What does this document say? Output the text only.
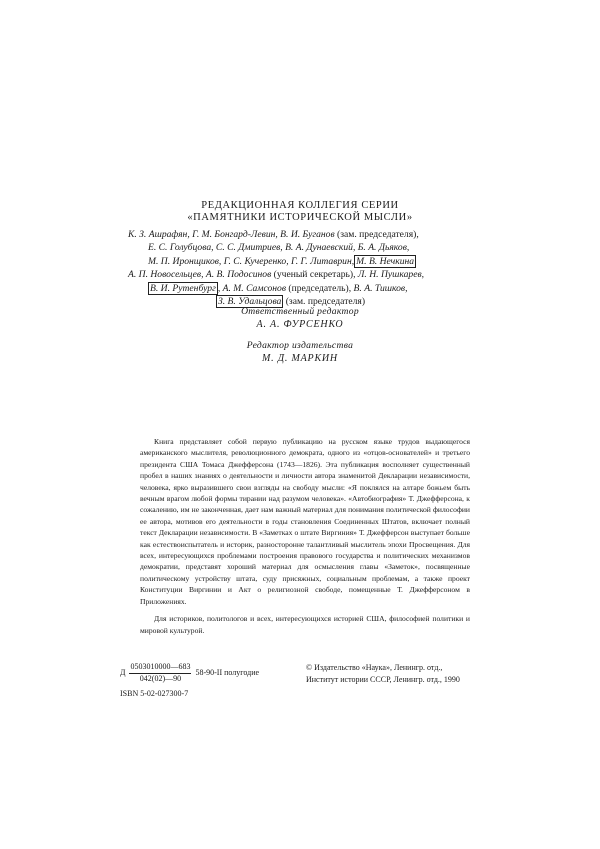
РЕДАКЦИОННАЯ КОЛЛЕГИЯ СЕРИИ
«ПАМЯТНИКИ ИСТОРИЧЕСКОЙ МЫСЛИ»
К. З. Ашрафян, Г. М. Бонгард-Левин, В. И. Буганов (зам. председателя),
Е. С. Голубцова, С. С. Дмитриев, В. А. Дунаевский, Б. А. Дьяков,
М. П. Иронщиков, Г. С. Кучеренко, Г. Г. Литаврин, М. В. Нечкина
А. П. Новосельцев, А. В. Подосинов (ученый секретарь), Л. Н. Пушкарев,
В. И. Рутенбург , А. М. Самсонов (председатель), В. А. Тишков,
З. В. Удальцова (зам. председателя)
Ответственный редактор
А. А. ФУРСЕНКО
Редактор издательства
М. Д. МАРКИН

Книга представляет собой первую публикацию на русском языке трудов выдающегося американского мыслителя, революционного демократа, одного из «отцов-основателей» и третьего президента США Томаса Джефферсона (1743—1826). Эта публикация восполняет существенный пробел в наших знаниях о деятельности и личности автора знаменитой Декларации независимости, человека, ярко выразившего свои взгляды на свободу мысли: «Я поклялся на алтаре божьем быть вечным врагом любой формы тирании над разумом человека». «Автобиография» Т. Джефферсона, к сожалению, им не законченная, дает нам важный материал для понимания политической философии ее автора, мотивов его деятельности в годы становления Соединенных Штатов, включает полный текст Декларации независимости. В «Заметках о штате Виргиния» Т. Джефферсон выступает больше как естествоиспытатель и историк, разносторонне талантливый мыслитель эпохи Просвещения. Для всех, интересующихся проблемами построения правового государства и политических механизмов демократии, представят хороший материал для осмысления главы «Заметок», посвященные политическому устройству штата, суду присяжных, социальным проблемам, а также проект Конституции Виргинии и Акт о религиозной свободе, помещенные Т. Джефферсоном в Приложениях.

Для историков, политологов и всех, интересующихся историей США, философией политики и мировой культурой.

Д $\frac{0503010000—683}{042(02)—90} 58-90-II$ полугодие
© Издательство «Наука», Ленингр. отд.,
Институт истории СССР, Ленингр. отд., 1990
ISBN 5-02-027300-7
